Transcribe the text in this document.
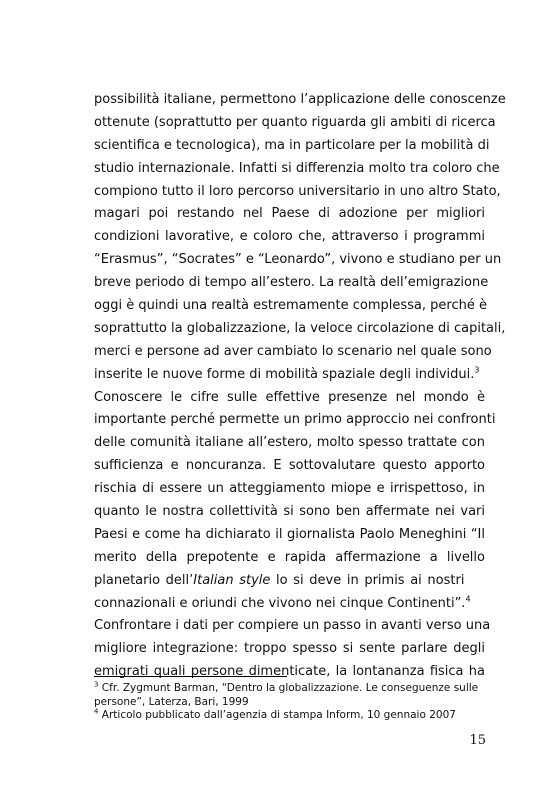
possibilità italiane, permettono l’applicazione delle conoscenze
ottenute (soprattutto per quanto riguarda gli ambiti di ricerca
scientifica e tecnologica), ma in particolare per la mobilità di
studio internazionale. Infatti si differenzia molto tra coloro che
compiono tutto il loro percorso universitario in uno altro Stato,
magari poi restando nel Paese di adozione per migliori
condizioni lavorative, e coloro che, attraverso i programmi
“Erasmus”, “Socrates” e “Leonardo”, vivono e studiano per un
breve periodo di tempo all’estero. La realtà dell’emigrazione
oggi è quindi una realtà estremamente complessa, perché è
soprattutto la globalizzazione, la veloce circolazione di capitali,
merci e persone ad aver cambiato lo scenario nel quale sono
inserite le nuove forme di mobilità spaziale degli individui.$^3$
Conoscere le cifre sulle effettive presenze nel mondo è
importante perché permette un primo approccio nei confronti
delle comunità italiane all’estero, molto spesso trattate con
sufficienza e noncuranza. E sottovalutare questo apporto
rischia di essere un atteggiamento miope e irrispettoso, in
quanto le nostra collettività si sono ben affermate nei vari
Paesi e come ha dichiarato il giornalista Paolo Meneghini “Il
merito della prepotente e rapida affermazione a livello
planetario dell’Italian style lo si deve in primis ai nostri
connazionali e oriundi che vivono nei cinque Continenti”.$^4$
Confrontare i dati per compiere un passo in avanti verso una
migliore integrazione: troppo spesso si sente parlare degli
emigrati quali persone dimenticate, la lontananza fisica ha
$^3$ Cfr. Zygmunt Barman, “Dentro la globalizzazione. Le conseguenze sulle
persone”, Laterza, Bari, 1999
$^4$ Articolo pubblicato dall’agenzia di stampa Inform, 10 gennaio 2007
15
